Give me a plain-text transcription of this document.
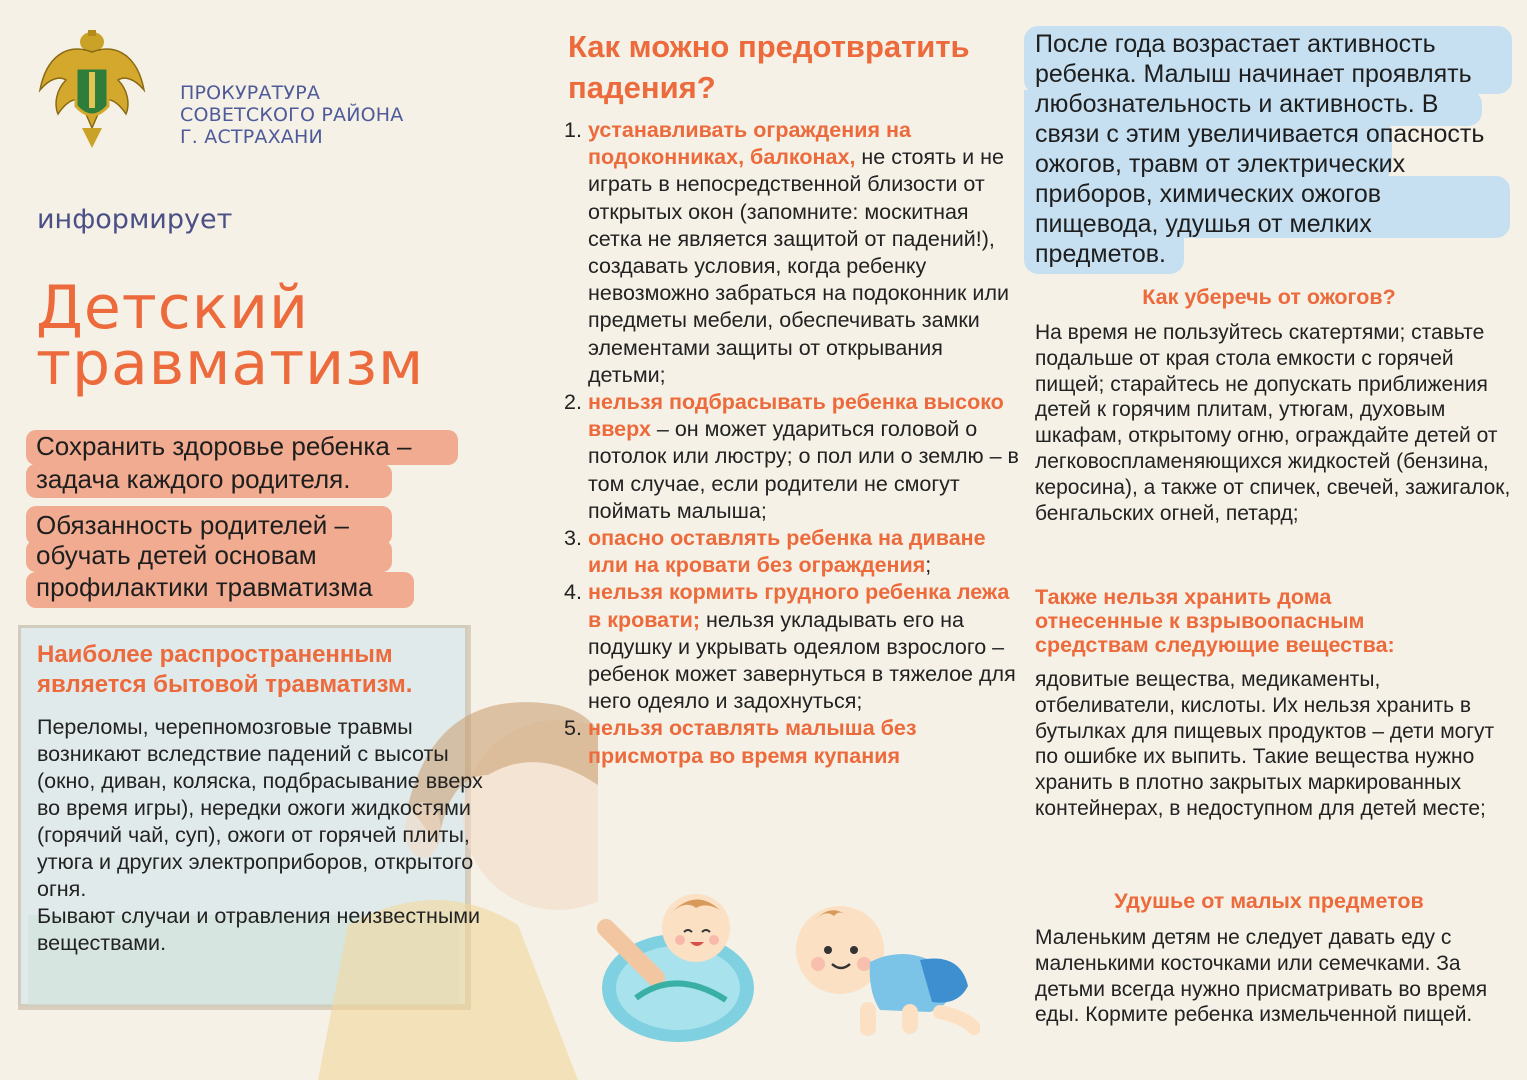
ПРОКУРАТУРА
СОВЕТСКОГО РАЙОНА
Г. АСТРАХАНИ
информирует
Детский
травматизм
Сохранить здоровье ребенка –
задача каждого родителя.
Обязанность родителей –
обучать детей основам
профилактики травматизма
Наиболее распространенным является бытовой травматизм.
Переломы, черепномозговые травмы возникают вследствие падений с высоты (окно, диван, коляска, подбрасывание вверх во время игры), нередки ожоги жидкостями (горячий чай, суп), ожоги от горячей плиты, утюга и других электроприборов, открытого огня.
Бывают случаи и отравления неизвестными веществами.
Как можно предотвратить падения?
1. устанавливать ограждения на подоконниках, балконах, не стоять и не играть в непосредственной близости от открытых окон (запомните: москитная сетка не является защитой от падений!), создавать условия, когда ребенку невозможно забраться на подоконник или предметы мебели, обеспечивать замки элементами защиты от открывания детьми;
2. нельзя подбрасывать ребенка высоко вверх – он может удариться головой о потолок или люстру; о пол или о землю – в том случае, если родители не смогут поймать малыша;
3. опасно оставлять ребенка на диване или на кровати без ограждения;
4. нельзя кормить грудного ребенка лежа в кровати; нельзя укладывать его на подушку и укрывать одеялом взрослого – ребенок может завернуться в тяжелое для него одеяло и задохнуться;
5. нельзя оставлять малыша без присмотра во время купания
После года возрастает активность ребенка. Малыш начинает проявлять любознательность и активность. В связи с этим увеличивается опасность ожогов, травм от электрических приборов, химических ожогов пищевода, удушья от мелких предметов.
Как уберечь от ожогов?
На время не пользуйтесь скатертями; ставьте подальше от края стола емкости с горячей пищей; старайтесь не допускать приближения детей к горячим плитам, утюгам, духовым шкафам, открытому огню, ограждайте детей от легковоспламеняющихся жидкостей (бензина, керосина), а также от спичек, свечей, зажигалок, бенгальских огней, петард;
Также нельзя хранить дома отнесенные к взрывоопасным средствам следующие вещества:
ядовитые вещества, медикаменты, отбеливатели, кислоты. Их нельзя хранить в бутылках для пищевых продуктов – дети могут по ошибке их выпить. Такие вещества нужно хранить в плотно закрытых маркированных контейнерах, в недоступном для детей месте;
Удушье от малых предметов
Маленьким детям не следует давать еду с маленькими косточками или семечками. За детьми всегда нужно присматривать во время еды. Кормите ребенка измельченной пищей.
